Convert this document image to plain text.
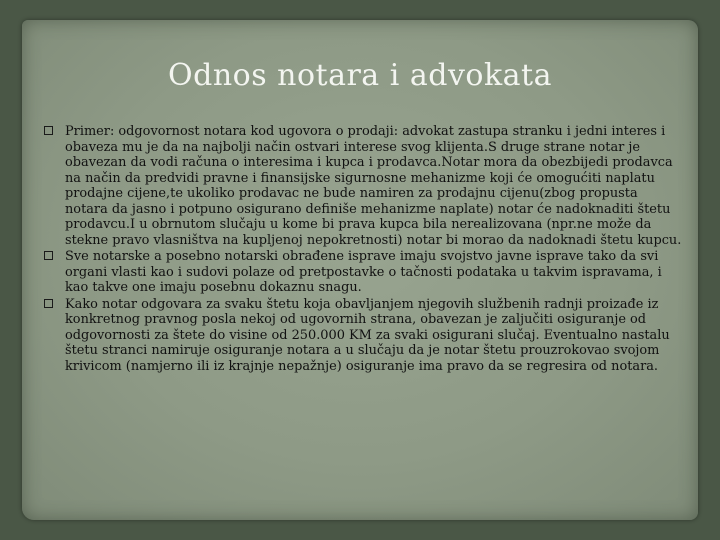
Odnos notara i advokata
Primer: odgovornost notara kod ugovora o prodaji: advokat zastupa stranku i jedni interes i obaveza mu je da na najbolji način ostvari interese svog klijenta.S druge strane notar je obavezan da vodi računa o interesima i kupca i prodavca.Notar mora da obezbijedi prodavca na način da predvidi pravne i finansijske sigurnosne mehanizme koji će omogućiti naplatu prodajne cijene,te ukoliko prodavac ne bude namiren za prodajnu cijenu(zbog propusta notara da jasno i potpuno osigurano definiše mehanizme naplate) notar će nadoknaditi štetu prodavcu.I u obrnutom slučaju u kome bi prava kupca bila nerealizovana (npr.ne može da stekne pravo vlasništva na kupljenoj nepokretnosti) notar bi morao da nadoknadi štetu kupcu.
Sve notarske a posebno notarski obrađene isprave imaju svojstvo javne isprave tako da svi organi vlasti kao i sudovi polaze od pretpostavke o tačnosti podataka u takvim ispravama, i kao takve one imaju posebnu dokaznu snagu.
Kako notar odgovara za svaku štetu koja obavljanjem njegovih službenih radnji proizađe iz konkretnog pravnog posla nekoj od ugovornih strana, obavezan je zaljučiti osiguranje od odgovornosti za štete do visine od 250.000 KM za svaki osigurani slučaj. Eventualno nastalu štetu stranci namiruje osiguranje notara a u slučaju da je notar štetu prouzrokovao svojom krivicom (namjerno ili iz krajnje nepažnje) osiguranje ima pravo da se regresira od notara.
